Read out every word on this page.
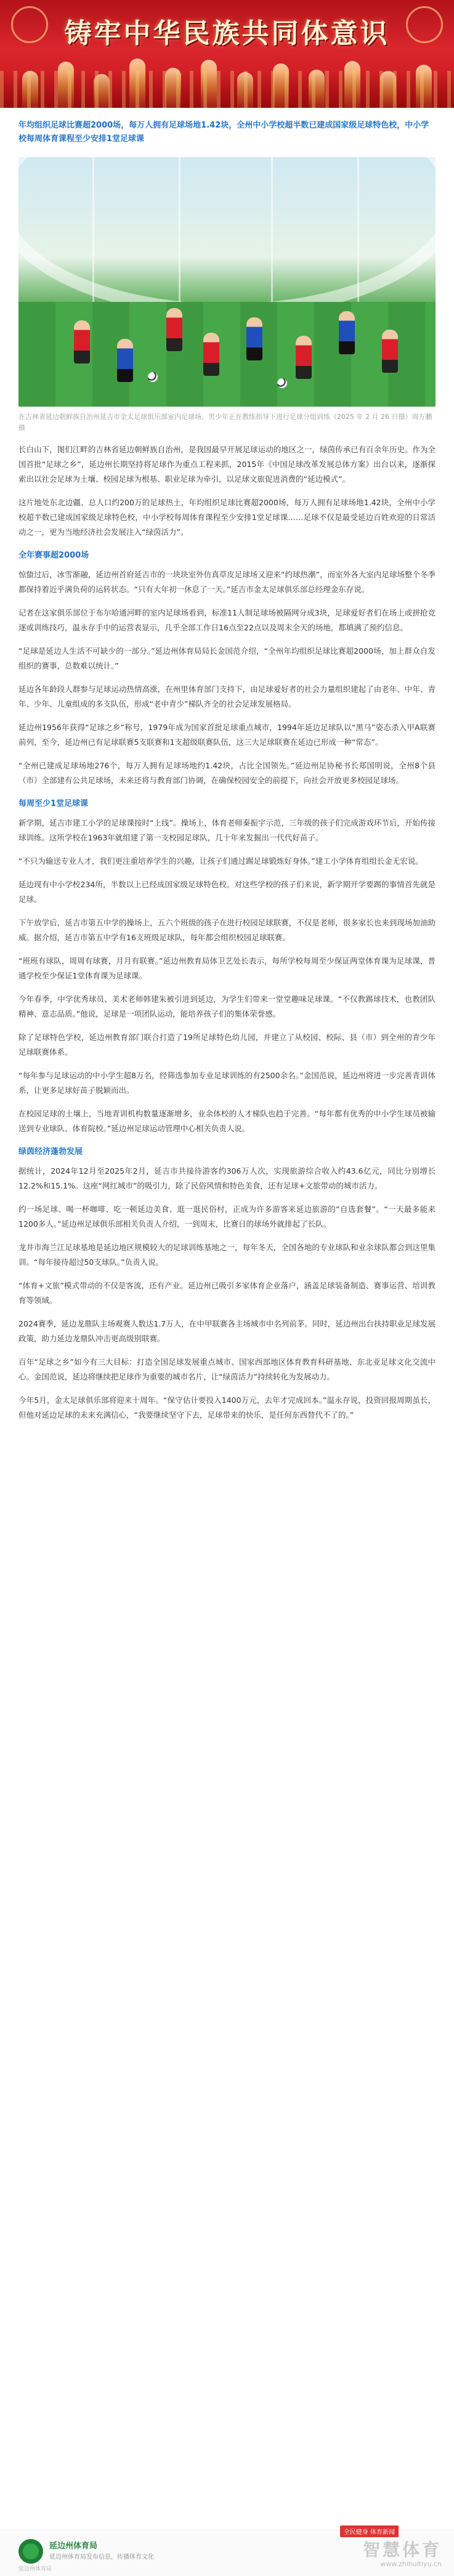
铸牢中华民族共同体意识
年均组织足球比赛超2000场，每万人拥有足球场地1.42块，全州中小学校超半数已建成国家级足球特色校，中小学校每周体育课程至少安排1堂足球课
在吉林省延边朝鲜族自治州延吉市金太足球俱乐部室内足球场，男少年正在教练指导下进行足球分组训练（2025 年 2 月 26 日摄）周万鹏摄

长白山下，图们江畔的吉林省延边朝鲜族自治州，是我国最早开展足球运动的地区之一，绿茵传承已有百余年历史。作为全国首批“足球之乡”，延边州长期坚持将足球作为重点工程来抓，2015年《中国足球改革发展总体方案》出台以来，逐渐探索出以社会足球为土壤、校园足球为根基、职业足球为牵引，以足球文旅促进消费的“延边模式”。

这片地处东北边疆、总人口约200万的足球热土，年均组织足球比赛超2000场，每万人拥有足球场地1.42块，全州中小学校超半数已建成国家级足球特色校，中小学校每周体育课程至少安排1堂足球课……足球不仅是最受延边百姓欢迎的日常活动之一，更为当地经济社会发展注入“绿茵活力”。

全年赛事超2000场

惊蛰过后，冰雪渐融，延边州首府延吉市的一块块室外仿真草皮足球场又迎来“约球热潮”，而室外各大室内足球场整个冬季都保持着近乎满负荷的运转状态。“只有大年初一休息了一天。”延吉市金太足球俱乐部总经理金东存说。

记者在这家俱乐部位于布尔哈通河畔的室内足球场看到，标准11人制足球场被隔网分成3块，足球爱好者们在场上或拼抢竞逐或训练技巧，温永存手中的运营表显示，几乎全部工作日16点至22点以及周末全天的场地，都填满了预约信息。

“足球是延边人生活不可缺少的一部分。”延边州体育局局长金国范介绍，“全州年均组织足球比赛超2000场，加上群众自发组织的赛事，总数难以统计。”

延边各年龄段人群参与足球运动热情高涨，在州里体育部门支持下，由足球爱好者的社会力量组织建起了由老年、中年、青年、少年、儿童组成的多支队伍，形成“老中青少”梯队齐全的社会足球发展格局。

延边州1956年获得“足球之乡”称号，1979年成为国家首批足球重点城市，1994年延边足球队以“黑马”姿态杀入甲A联赛前列，至今，延边州已有足球联赛5支联赛和1支超级联赛队伍，这三大足球联赛在延边已形成一种“常态”。

“全州已建成足球场地276个，每万人拥有足球场地约1.42块，占比全国领先。”延边州足协秘书长郑国明说，全州8个县（市）全部建有公共足球场，未来还将与教育部门协调，在确保校园安全的前提下，向社会开放更多校园足球场。

每周至少1堂足球课

新学期，延吉市建工小学的足球课按时“上线”。操场上，体育老师秦振宇示范，三年级的孩子们完成游戏环节后，开始传接球训练。这所学校在1963年就组建了第一支校园足球队，几十年来发掘出一代代好苗子。

“不只为输送专业人才，我们更注重培养学生的兴趣，让孩子们通过踢足球锻炼好身体。”建工小学体育组组长金无宏说。

延边现有中小学校234所，半数以上已经成国家级足球特色校。对这些学校的孩子们来说，新学期开学要踢的事情首先就是足球。

下午放学后，延吉市第五中学的操场上，五六个班级的孩子在进行校园足球联赛，不仅是老师，很多家长也来到现场加油助威。据介绍，延吉市第五中学有16支班级足球队，每年都会组织校园足球联赛。

“班班有球队，周周有球赛，月月有联赛。”延边州教育局体卫艺处长表示，每所学校每周至少保证两堂体育课为足球课，普通学校至少保证1堂体育课为足球课。

今年春季，中学优秀球员、美术老师韩建朱被引进到延边，为学生们带来一堂堂趣味足球课。“不仅教踢球技术，也教团队精神、意志品质。”他说，足球是一项团队运动，能培养孩子们的集体荣誉感。

除了足球特色学校，延边州教育部门联合打造了19所足球特色幼儿园，并建立了从校园、校际、县（市）到全州的青少年足球联赛体系。

“每年参与足球运动的中小学生超8万名，经筛选参加专业足球训练的有2500余名。”金国范说，延边州将进一步完善青训体系，让更多足球好苗子脱颖而出。

在校园足球的土壤上，当地青训机构数量逐渐增多，业余体校的人才梯队也趋于完善。“每年都有优秀的中小学生球员被输送到专业球队、体育院校。”延边州足球运动管理中心相关负责人说。

绿茵经济蓬勃发展

据统计，2024年12月至2025年2月，延吉市共接待游客约306万人次，实现旅游综合收入约43.6亿元，同比分别增长12.2%和15.1%。这座“网红城市”的吸引力，除了民俗风情和特色美食，还有足球+文旅带动的城市活力。

约一场足球、喝一杯咖啡、吃一顿延边美食、逛一逛民俗村，正成为许多游客来延边旅游的“自选套餐”。“一天最多能来1200多人。”延边州足球俱乐部相关负责人介绍，一到周末，比赛日的球场外就排起了长队。

龙井市海兰江足球基地是延边地区规模较大的足球训练基地之一，每年冬天，全国各地的专业球队和业余球队都会到这里集训。“每年接待超过50支球队。”负责人说。

“体育+文旅”模式带动的不仅是客流，还有产业。延边州已吸引多家体育企业落户，涵盖足球装备制造、赛事运营、培训教育等领域。

2024赛季，延边龙鼎队主场观赛人数达1.7万人，在中甲联赛各主场城市中名列前茅。同时，延边州出台扶持职业足球发展政策，助力延边龙鼎队冲击更高级别联赛。

百年“足球之乡”如今有三大目标：打造全国足球发展重点城市、国家西部地区体育教育科研基地、东北亚足球文化交流中心。金国范说，延边将继续把足球作为重要的城市名片，让“绿茵活力”持续转化为发展动力。

今年5月，金太足球俱乐部将迎来十周年。“保守估计要投入1400万元，去年才完成回本。”温永存说，投资回报周期虽长，但他对延边足球的未来充满信心，“我要继续坚守下去，足球带来的快乐，是任何东西替代不了的。”

延边州体育局
延边州体育局发布信息，传播体育文化
全民健身 体育新闻
智慧体育
www.zhihuitiyu.cn
延边州体育局
